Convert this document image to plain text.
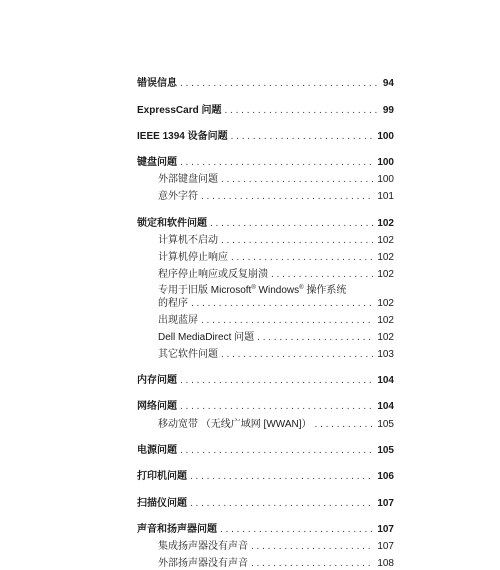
错误信息 . . .	94
ExpressCard 问题 . . .	99
IEEE 1394 设备问题 . . .	100
键盘问题 . . .	100
外部键盘问题 . . .	100
意外字符 . . .	101
锁定和软件问题 . . .	102
计算机不启动 . . .	102
计算机停止响应 . . .	102
程序停止响应或反复崩溃 . . .	102
专用于旧版 Microsoft® Windows® 操作系统
的程序 . . .	102
出现蓝屏 . . .	102
Dell MediaDirect 问题 . . .	102
其它软件问题 . . .	103
内存问题 . . .	104
网络问题 . . .	104
移动宽带 （无线广域网 [WWAN]） . . .	105
电源问题 . . .	105
打印机问题 . . .	106
扫描仪问题 . . .	107
声音和扬声器问题 . . .	107
集成扬声器没有声音 . . .	107
外部扬声器没有声音 . . .	108
